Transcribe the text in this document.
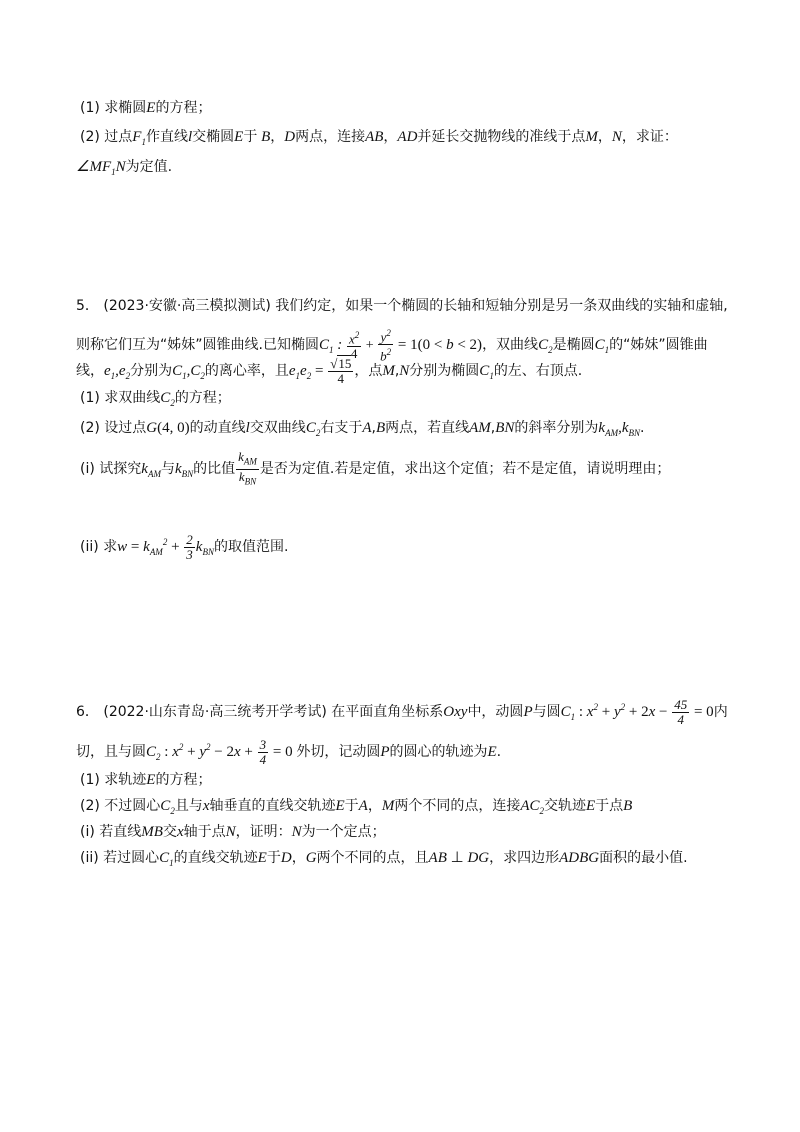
(1) 求椭圆E的方程；
(2) 过点$F_1$作直线l交椭圆E于 B，D两点，连接AB，AD并延长交抛物线的准线于点M，N，求证：
$\angle MF_1N$为定值.
5． (2023·安徽·高三模拟测试) 我们约定，如果一个椭圆的长轴和短轴分别是另一条双曲线的实轴和虚轴,
则称它们互为“姊妹”圆锥曲线.已知椭圆$C_1$ : $\frac{x^2}{4} + \frac{y^2}{b^2} = 1(0 < b < 2)$，双曲线$C_2$是椭圆$C_1$的“姊妹”圆锥曲
线，$e_1,e_2$分别为$C_1,C_2$的离心率，且$e_1e_2 = \frac{√15}{4}$ ，点M,N分别为椭圆$C_1$的左、右顶点.
(1) 求双曲线$C_2$的方程；
(2) 设过点G(4, 0)的动直线l交双曲线$C_2$右支于A,B两点，若直线AM,BN的斜率分别为$k_{AM},k_{BN}$.
(i) 试探究$k_{AM}$与$k_{BN}$的比值 $\frac{k_{AM}}{k_{BN}}$ 是否为定值.若是定值，求出这个定值；若不是定值，请说明理由；
(ii) 求$w = k_{AM}^2 + \frac{2}{3} k_{BN}$的取值范围.
6． (2022·山东青岛·高三统考开学考试) 在平面直角坐标系Oxy中，动圆P与圆$C_1$ : $x^2 + y^2 + 2x - \frac{45}{4} = 0$内
切，且与圆$C_2$ : $x^2 + y^2 - 2x + \frac{3}{4} = 0$ 外切，记动圆P的圆心的轨迹为E.
(1) 求轨迹E的方程；
(2) 不过圆心$C_2$且与x轴垂直的直线交轨迹E于A，M两个不同的点，连接$AC_2$交轨迹E于点B
(i) 若直线MB交x轴于点N，证明：N为一个定点；
(ii) 若过圆心$C_1$的直线交轨迹E于D，G两个不同的点，且AB ⊥ DG，求四边形ADBG面积的最小值.
